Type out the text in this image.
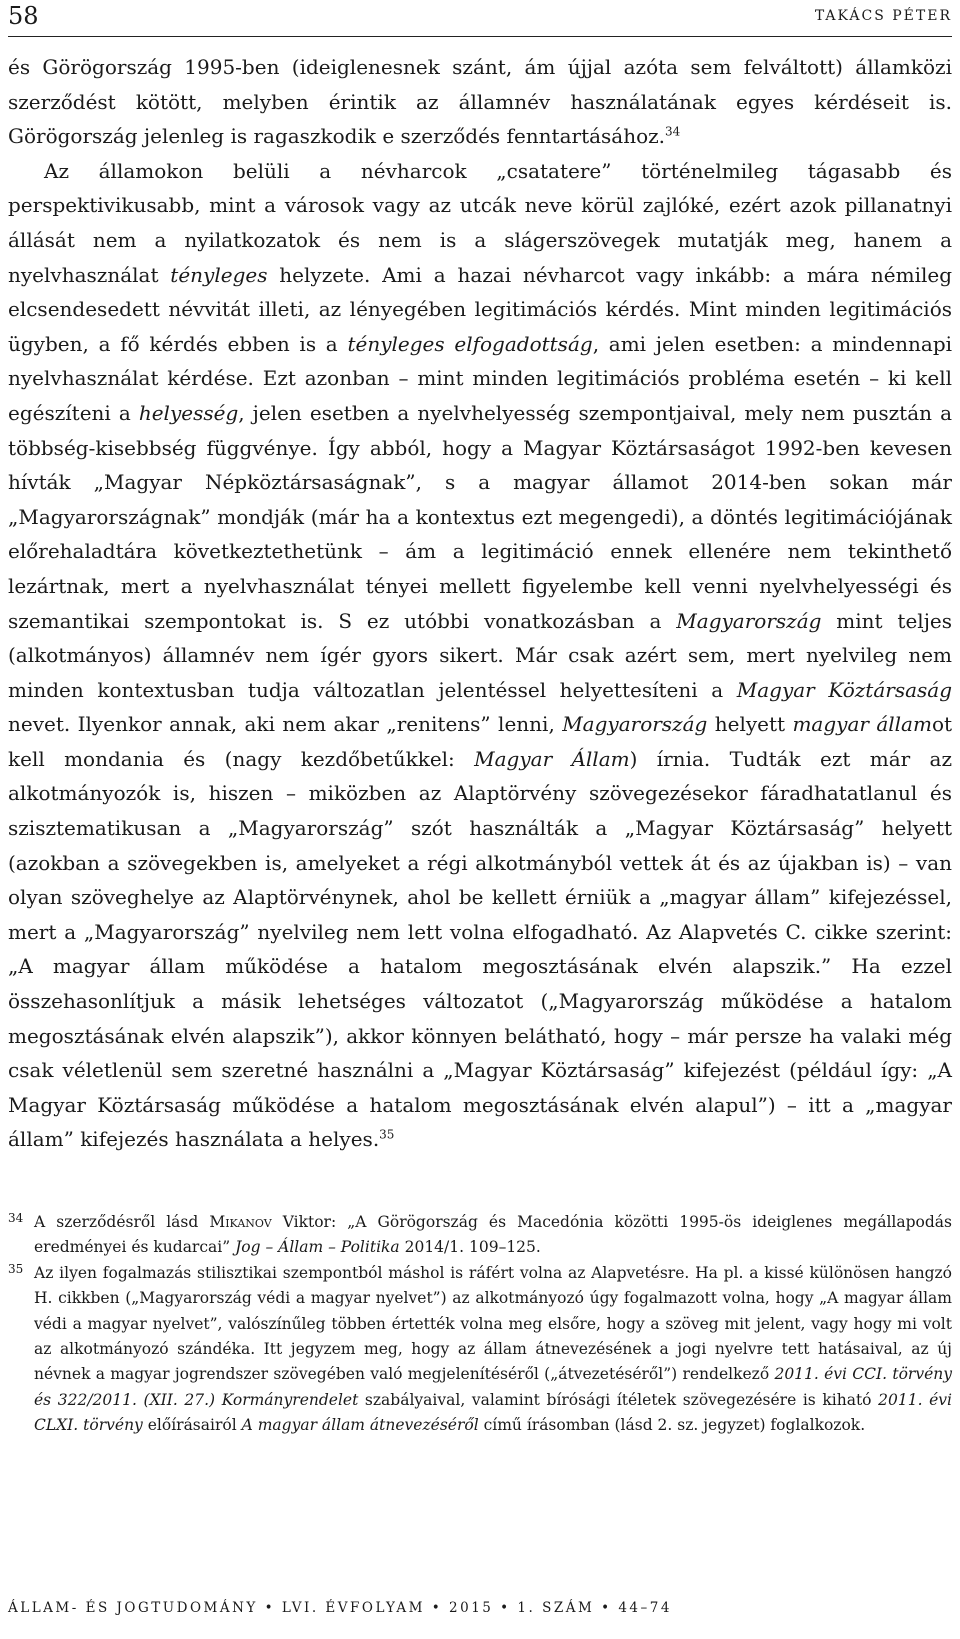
58	TAKÁCS PÉTER

és Görögország 1995-ben (ideiglenesnek szánt, ám újjal azóta sem felváltott) államközi szerződést kötött, melyben érintik az államnév használatának egyes kérdéseit is. Görögország jelenleg is ragaszkodik e szerződés fenntartásához.$^{34}$

Az államokon belüli a névharcok „csatatere” történelmileg tágasabb és perspektivikusabb, mint a városok vagy az utcák neve körül zajlóké, ezért azok pillanatnyi állását nem a nyilatkozatok és nem is a slágerszövegek mutatják meg, hanem a nyelvhasználat tényleges helyzete. Ami a hazai névharcot vagy inkább: a mára némileg elcsendesedett névvitát illeti, az lényegében legitimációs kérdés. Mint minden legitimációs ügyben, a fő kérdés ebben is a tényleges elfogadottság, ami jelen esetben: a mindennapi nyelvhasználat kérdése. Ezt azonban – mint minden legitimációs probléma esetén – ki kell egészíteni a helyesség, jelen esetben a nyelvhelyesség szempontjaival, mely nem pusztán a többség-kisebbség függvénye. Így abból, hogy a Magyar Köztársaságot 1992-ben kevesen hívták „Magyar Népköztársaságnak”, s a magyar államot 2014-ben sokan már „Magyarországnak” mondják (már ha a kontextus ezt megengedi), a döntés legitimációjának előrehaladtára következtethetünk – ám a legitimáció ennek ellenére nem tekinthető lezártnak, mert a nyelvhasználat tényei mellett figyelembe kell venni nyelvhelyességi és szemantikai szempontokat is. S ez utóbbi vonatkozásban a Magyarország mint teljes (alkotmányos) államnév nem ígér gyors sikert. Már csak azért sem, mert nyelvileg nem minden kontextusban tudja változatlan jelentéssel helyettesíteni a Magyar Köztársaság nevet. Ilyenkor annak, aki nem akar „renitens” lenni, Magyarország helyett magyar államot kell mondania és (nagy kezdőbetűkkel: Magyar Állam) írnia. Tudták ezt már az alkotmányozók is, hiszen – miközben az Alaptörvény szövegezésekor fáradhatatlanul és szisztematikusan a „Magyarország” szót használták a „Magyar Köztársaság” helyett (azokban a szövegekben is, amelyeket a régi alkotmányból vettek át és az újakban is) – van olyan szöveghelye az Alaptörvénynek, ahol be kellett érniük a „magyar állam” kifejezéssel, mert a „Magyarország” nyelvileg nem lett volna elfogadható. Az Alapvetés C. cikke szerint: „A magyar állam működése a hatalom megosztásának elvén alapszik.” Ha ezzel összehasonlítjuk a másik lehetséges változatot („Magyarország működése a hatalom megosztásának elvén alapszik”), akkor könnyen belátható, hogy – már persze ha valaki még csak véletlenül sem szeretné használni a „Magyar Köztársaság” kifejezést (például így: „A Magyar Köztársaság működése a hatalom megosztásának elvén alapul”) – itt a „magyar állam” kifejezés használata a helyes.$^{35}$

34 A szerződésről lásd Mikanov Viktor: „A Görögország és Macedónia közötti 1995-ös ideiglenes megállapodás eredményei és kudarcai” Jog – Állam – Politika 2014/1. 109–125.
35 Az ilyen fogalmazás stilisztikai szempontból máshol is ráfért volna az Alapvetésre. Ha pl. a kissé különösen hangzó H. cikkben („Magyarország védi a magyar nyelvet”) az alkotmányozó úgy fogalmazott volna, hogy „A magyar állam védi a magyar nyelvet”, valószínűleg többen értették volna meg elsőre, hogy a szöveg mit jelent, vagy hogy mi volt az alkotmányozó szándéka. Itt jegyzem meg, hogy az állam átnevezésének a jogi nyelvre tett hatásaival, az új névnek a magyar jogrendszer szövegében való megjelenítéséről („átvezetéséről”) rendelkező 2011. évi CCI. törvény és 322/2011. (XII. 27.) Kormányrendelet szabályaival, valamint bírósági ítéletek szövegezésére is kiható 2011. évi CLXI. törvény előírásairól A magyar állam átnevezéséről című írásomban (lásd 2. sz. jegyzet) foglalkozok.
ÁLLAM- ÉS JOGTUDOMÁNY • LVI. ÉVFOLYAM • 2015 • 1. SZÁM • 44–74
